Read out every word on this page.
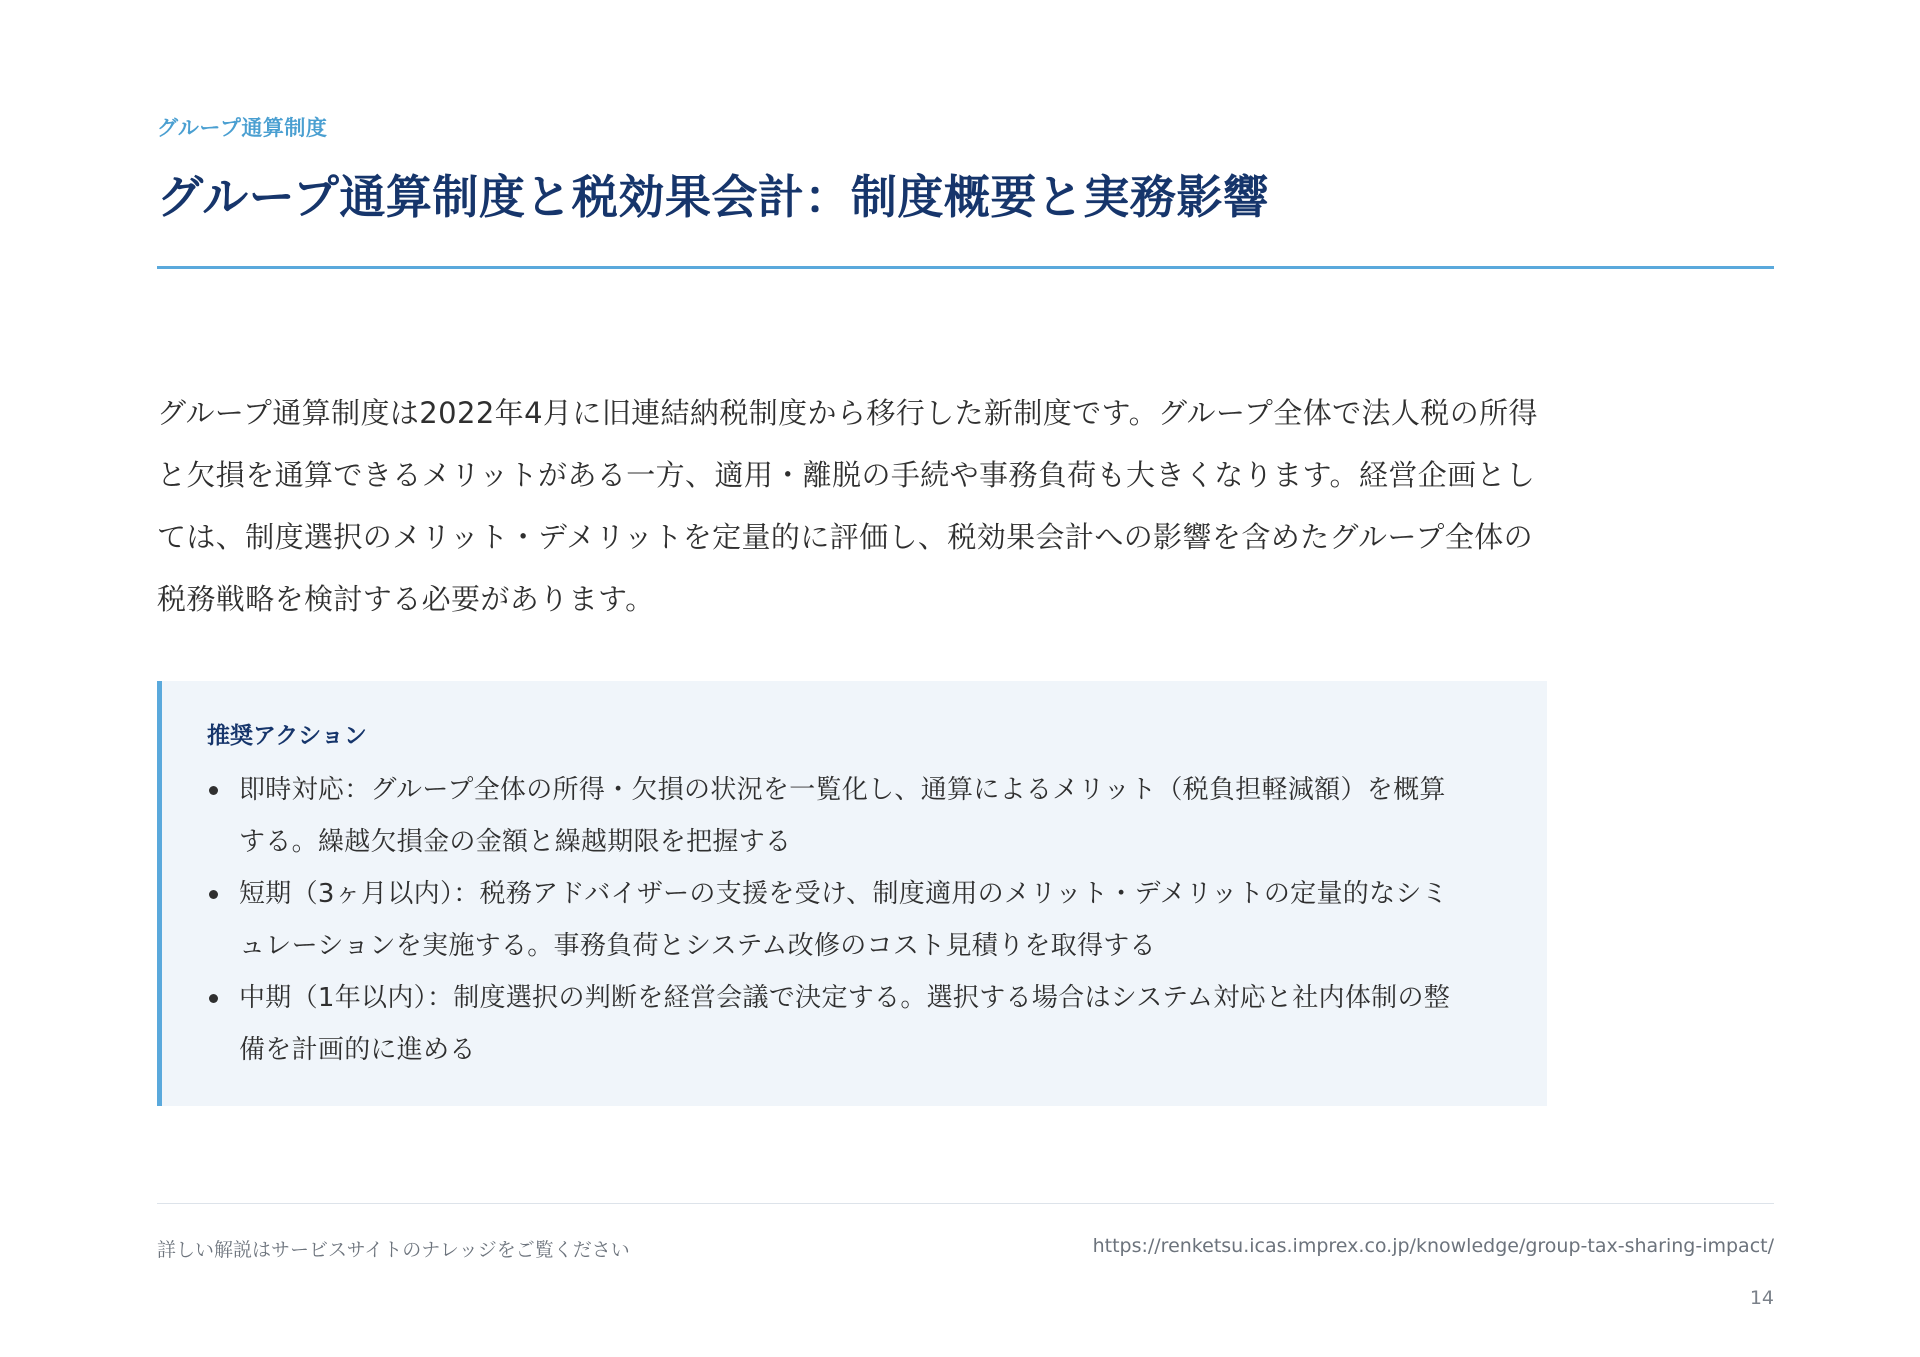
グループ通算制度
グループ通算制度と税効果会計：制度概要と実務影響

グループ通算制度は2022年4月に旧連結納税制度から移行した新制度です。グループ全体で法人税の所得と欠損を通算できるメリットがある一方、適用・離脱の手続や事務負荷も大きくなります。経営企画としては、制度選択のメリット・デメリットを定量的に評価し、税効果会計への影響を含めたグループ全体の税務戦略を検討する必要があります。

推奨アクション
即時対応：グループ全体の所得・欠損の状況を一覧化し、通算によるメリット（税負担軽減額）を概算する。繰越欠損金の金額と繰越期限を把握する
短期（3ヶ月以内）：税務アドバイザーの支援を受け、制度適用のメリット・デメリットの定量的なシミュレーションを実施する。事務負荷とシステム改修のコスト見積りを取得する
中期（1年以内）：制度選択の判断を経営会議で決定する。選択する場合はシステム対応と社内体制の整備を計画的に進める
詳しい解説はサービスサイトのナレッジをご覧ください	https://renketsu.icas.imprex.co.jp/knowledge/group-tax-sharing-impact/
14
